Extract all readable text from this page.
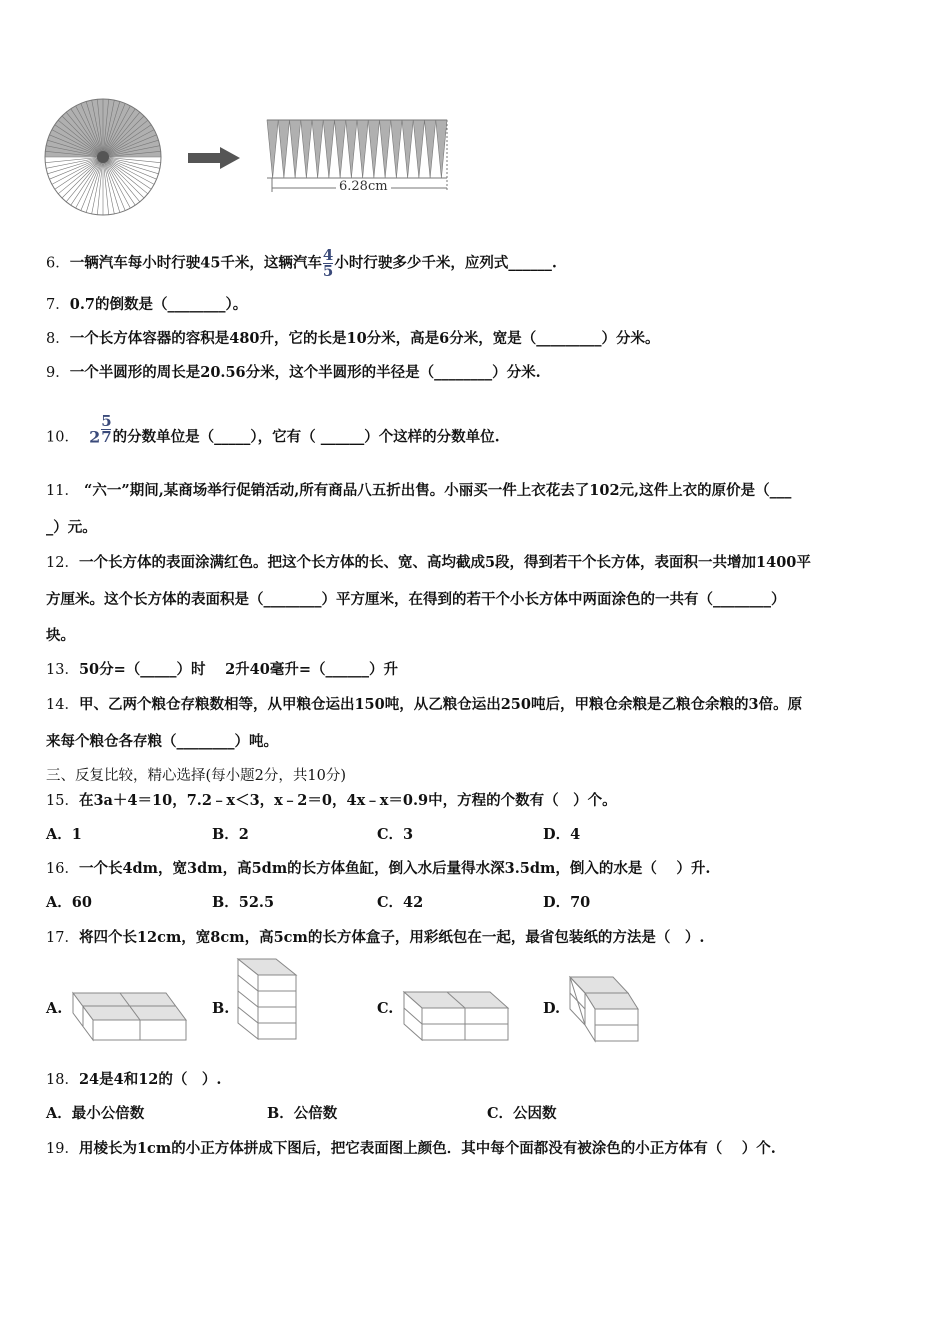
6.28cm
6．一辆汽车每小时行驶45千米，这辆汽车 $\frac{4}{5}$ 小时行驶多少千米，应列式______.
7．0.7的倒数是（________）。
8．一个长方体容器的容积是480升，它的长是10分米，高是6分米，宽是（_________）分米。
9．一个半圆形的周长是20.56分米，这个半圆形的半径是（________）分米.
10． $2 \frac{5}{7}$ 的分数单位是（_____），它有（ ______）个这样的分数单位.
11． “六一”期间,某商场举行促销活动,所有商品八五折出售。小丽买一件上衣花去了102元,这件上衣的原价是（___
_）元。
12．一个长方体的表面涂满红色。把这个长方体的长、宽、高均截成5段，得到若干个长方体，表面积一共增加1400平
方厘米。这个长方体的表面积是（________）平方厘米，在得到的若干个小长方体中两面涂色的一共有（________）
块。
13．50分=（_____）时　 2升40毫升=（______）升
14．甲、乙两个粮仓存粮数相等，从甲粮仓运出150吨，从乙粮仓运出250吨后，甲粮仓余粮是乙粮仓余粮的3倍。原
来每个粮仓各存粮（________）吨。
三、反复比较，精心选择(每小题2分，共10分)
15．在3a＋4＝10，7.2﹣x＜3，x﹣2＝0，4x﹣x＝0.9中，方程的个数有（　）个。
A．1	B．2	C．3	D．4
16．一个长4dm，宽3dm，高5dm的长方体鱼缸，倒入水后量得水深3.5dm，倒入的水是（　 ）升.
A．60	B．52.5	C．42	D．70
17．将四个长12cm，宽8cm，高5cm的长方体盒子，用彩纸包在一起，最省包装纸的方法是（　）.
A.	B.	C.	D.
18．24是4和12的（　）.
A．最小公倍数	B．公倍数	C．公因数
19．用棱长为1cm的小正方体拼成下图后，把它表面图上颜色．其中每个面都没有被涂色的小正方体有（　 ）个.
